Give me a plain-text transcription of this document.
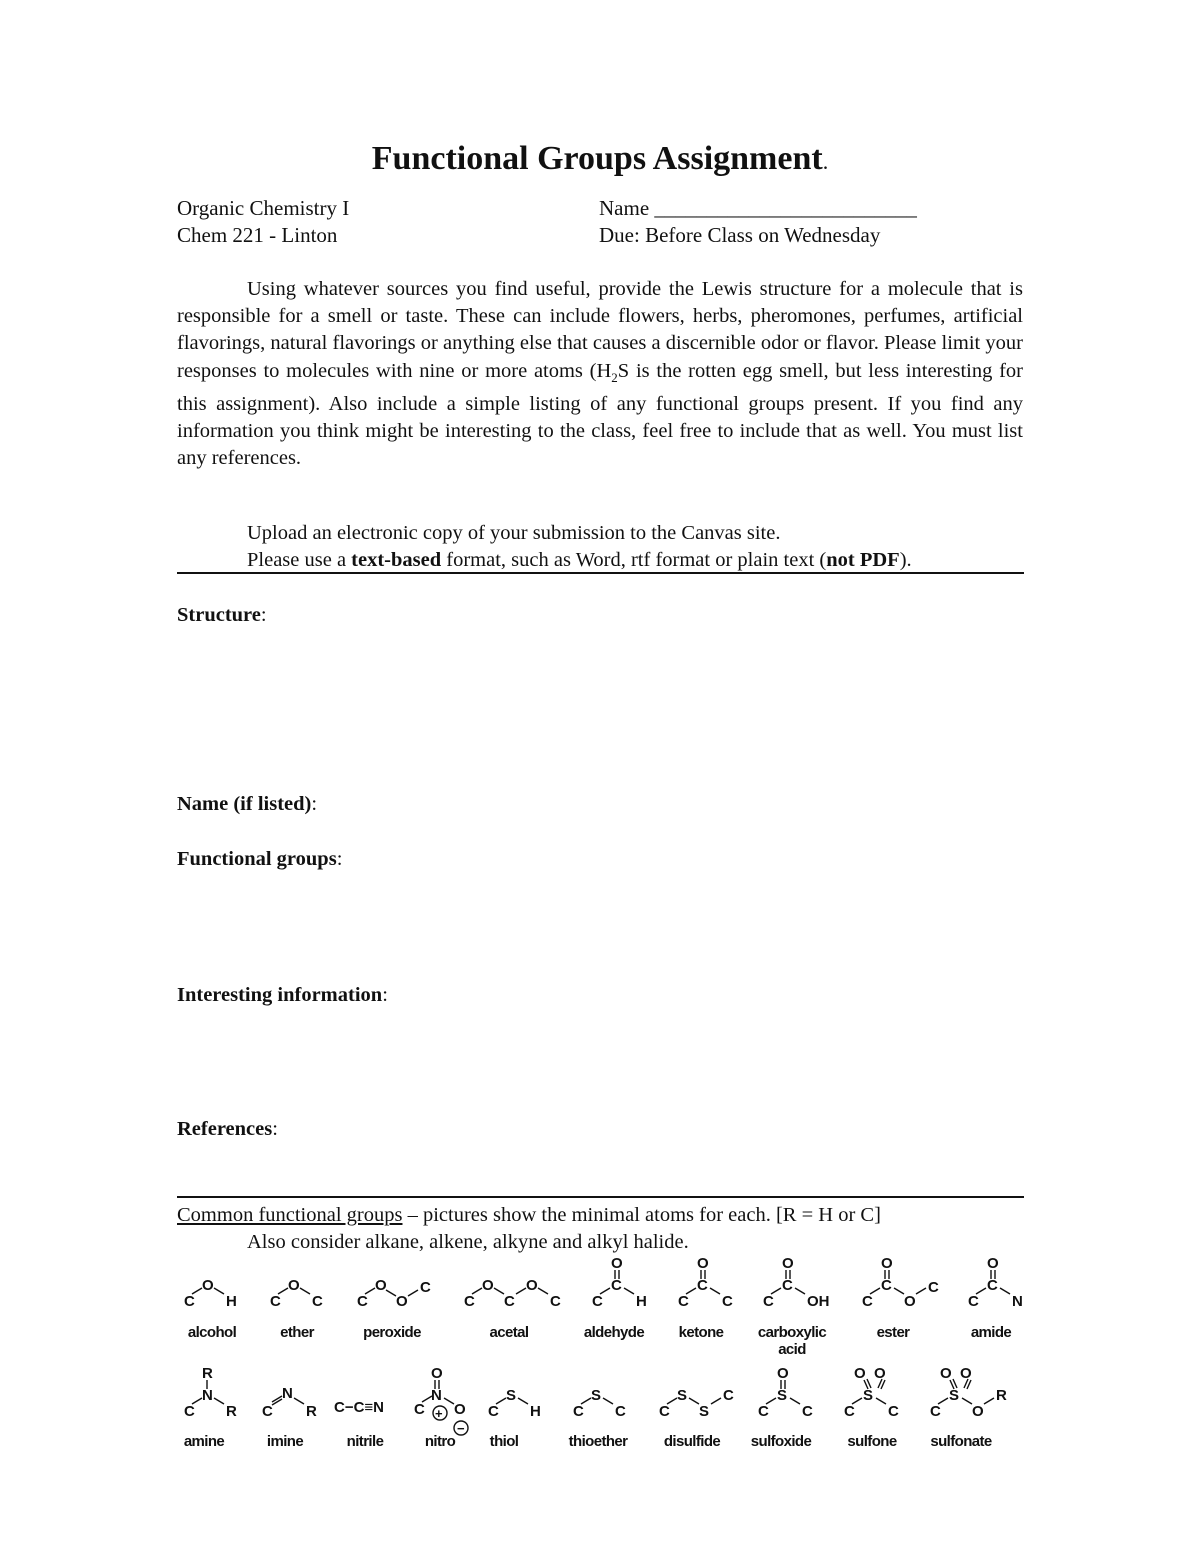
Functional Groups Assignment.
Organic Chemistry I
Chem 221 - Linton
Name _________________________
Due: Before Class on Wednesday
Using whatever sources you find useful, provide the Lewis structure for a molecule that is responsible for a smell or taste. These can include flowers, herbs, pheromones, perfumes, artificial flavorings, natural flavorings or anything else that causes a discernible odor or flavor. Please limit your responses to molecules with nine or more atoms ($H_2S$ is the rotten egg smell, but less interesting for this assignment). Also include a simple listing of any functional groups present. If you find any information you think might be interesting to the class, feel free to include that as well. You must list any references.
Upload an electronic copy of your submission to the Canvas site.
Please use a text-based format, such as Word, rtf format or plain text (not PDF).
Structure:
Name (if listed):
Functional groups:
Interesting information:
References:
Common functional groups – pictures show the minimal atoms for each. [R = H or C]
Also consider alkane, alkene, alkyne and alkyl halide.
C
O
H C
O
C C
O
O
C
C
O
C
O
C C
C
O
H C
C
O
C C
C
O
OH C
C
O
O
C
C
C
O
N
C
N
R
R C
N
R C−C≡N C
N
O
O
+
−
C
S
H C
S
C C
S
S
C
C
S
O
C C
S
O O
C C
S
O O
O
R
alcohol	ether	peroxide	acetal	aldehyde	ketone	carboxylic acid
ester	amide
amine	imine	nitrile	nitro	thiol	thioether	disulfide	sulfoxide	sulfone	sulfonate
